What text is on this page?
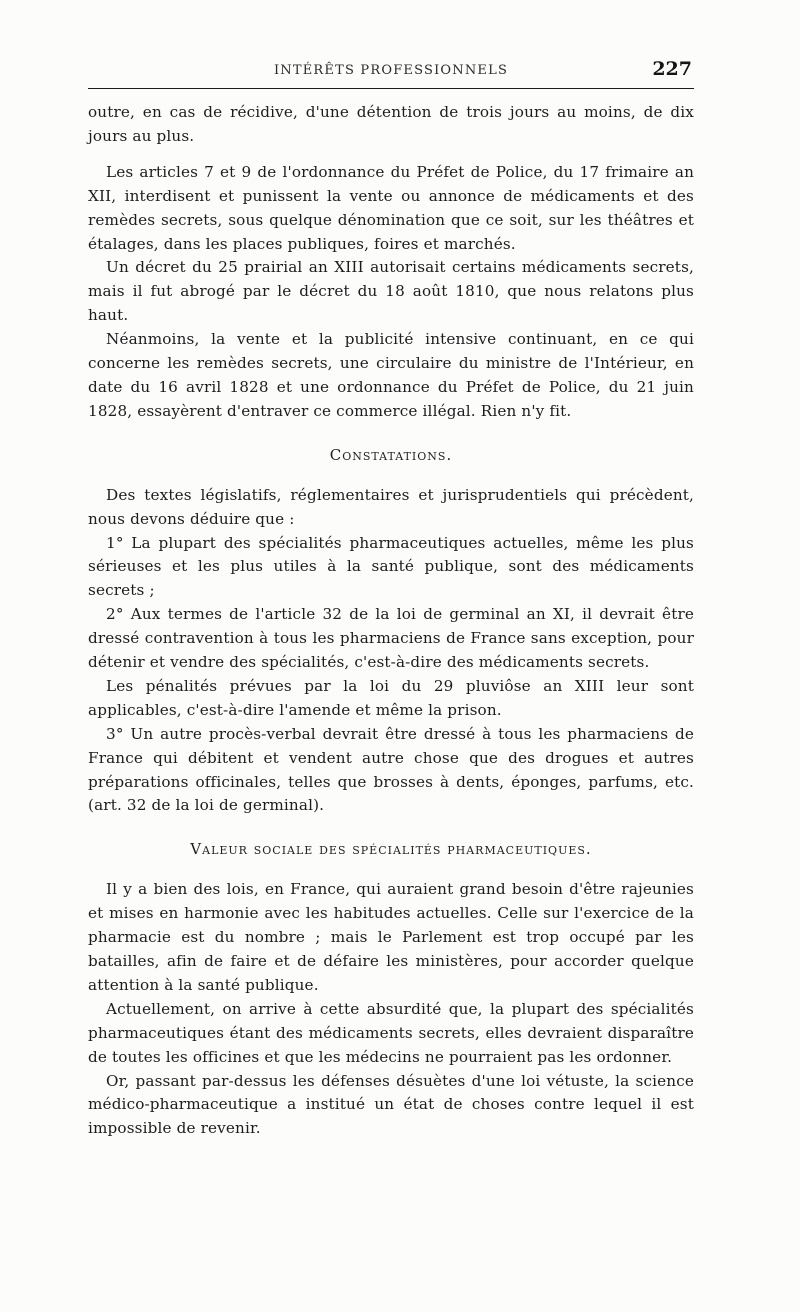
INTÉRÊTS PROFESSIONNELS	227

outre, en cas de récidive, d'une détention de trois jours au moins, de dix jours au plus.

Les articles 7 et 9 de l'ordonnance du Préfet de Police, du 17 frimaire an XII, interdisent et punissent la vente ou annonce de médicaments et des remèdes secrets, sous quelque dénomination que ce soit, sur les théâtres et étalages, dans les places publiques, foires et marchés.

Un décret du 25 prairial an XIII autorisait certains médicaments secrets, mais il fut abrogé par le décret du 18 août 1810, que nous relatons plus haut.

Néanmoins, la vente et la publicité intensive continuant, en ce qui concerne les remèdes secrets, une circulaire du ministre de l'Intérieur, en date du 16 avril 1828 et une ordonnance du Préfet de Police, du 21 juin 1828, essayèrent d'entraver ce commerce illégal. Rien n'y fit.

Constatations.

Des textes législatifs, réglementaires et jurisprudentiels qui précèdent, nous devons déduire que :

1° La plupart des spécialités pharmaceutiques actuelles, même les plus sérieuses et les plus utiles à la santé publique, sont des médicaments secrets ;

2° Aux termes de l'article 32 de la loi de germinal an XI, il devrait être dressé contravention à tous les pharmaciens de France sans exception, pour détenir et vendre des spécialités, c'est-à-dire des médicaments secrets.

Les pénalités prévues par la loi du 29 pluviôse an XIII leur sont applicables, c'est-à-dire l'amende et même la prison.

3° Un autre procès-verbal devrait être dressé à tous les pharmaciens de France qui débitent et vendent autre chose que des drogues et autres préparations officinales, telles que brosses à dents, éponges, parfums, etc. (art. 32 de la loi de germinal).

Valeur sociale des spécialités pharmaceutiques.

Il y a bien des lois, en France, qui auraient grand besoin d'être rajeunies et mises en harmonie avec les habitudes actuelles. Celle sur l'exercice de la pharmacie est du nombre ; mais le Parlement est trop occupé par les batailles, afin de faire et de défaire les ministères, pour accorder quelque attention à la santé publique.

Actuellement, on arrive à cette absurdité que, la plupart des spécialités pharmaceutiques étant des médicaments secrets, elles devraient disparaître de toutes les officines et que les médecins ne pourraient pas les ordonner.

Or, passant par-dessus les défenses désuètes d'une loi vétuste, la science médico-pharmaceutique a institué un état de choses contre lequel il est impossible de revenir.
